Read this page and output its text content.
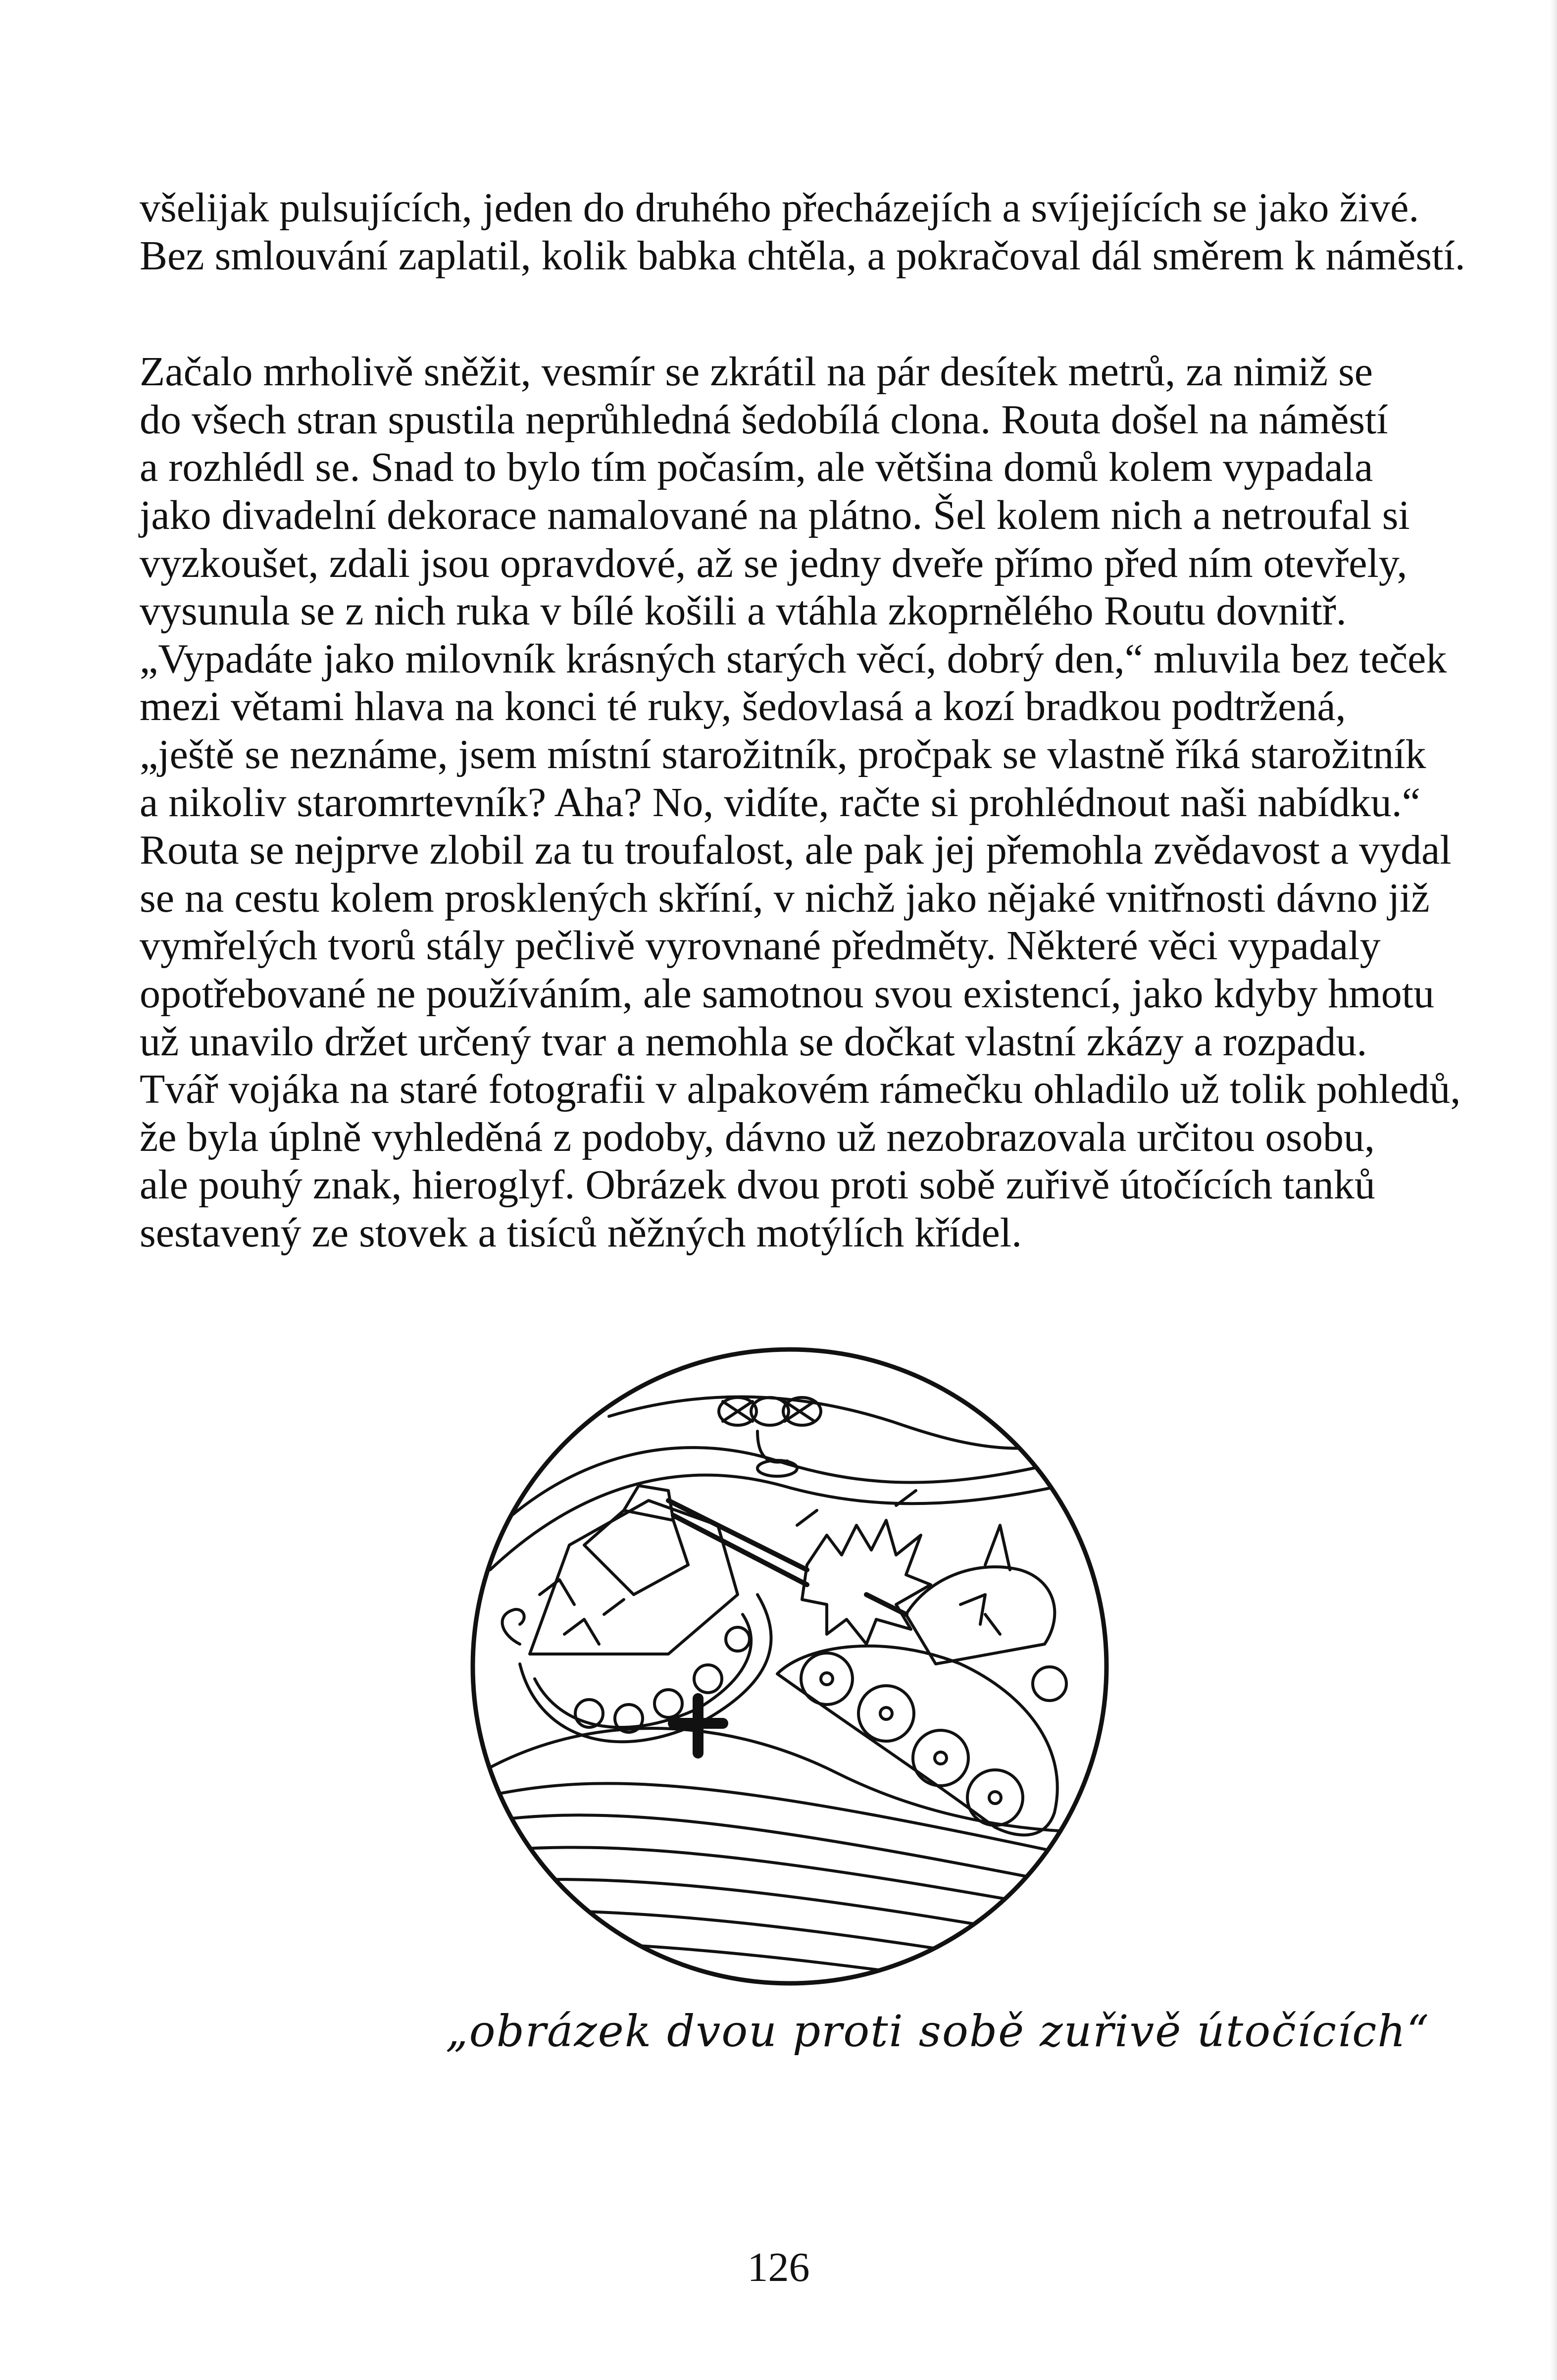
všelijak pulsujících, jeden do druhého přecházejích a svíjejících se jako živé.
Bez smlouvání zaplatil, kolik babka chtěla, a pokračoval dál směrem k náměstí.
Začalo mrholivě sněžit, vesmír se zkrátil na pár desítek metrů, za nimiž se
do všech stran spustila neprůhledná šedobílá clona. Routa došel na náměstí
a rozhlédl se. Snad to bylo tím počasím, ale většina domů kolem vypadala
jako divadelní dekorace namalované na plátno. Šel kolem nich a netroufal si
vyzkoušet, zdali jsou opravdové, až se jedny dveře přímo před ním otevřely,
vysunula se z nich ruka v bílé košili a vtáhla zkoprnělého Routu dovnitř.
„Vypadáte jako milovník krásných starých věcí, dobrý den,“ mluvila bez teček
mezi větami hlava na konci té ruky, šedovlasá a kozí bradkou podtržená,
„ještě se neznáme, jsem místní starožitník, pročpak se vlastně říká starožitník
a nikoliv staromrtevník? Aha? No, vidíte, račte si prohlédnout naši nabídku.“
Routa se nejprve zlobil za tu troufalost, ale pak jej přemohla zvědavost a vydal
se na cestu kolem prosklených skříní, v nichž jako nějaké vnitřnosti dávno již
vymřelých tvorů stály pečlivě vyrovnané předměty. Některé věci vypadaly
opotřebované ne používáním, ale samotnou svou existencí, jako kdyby hmotu
už unavilo držet určený tvar a nemohla se dočkat vlastní zkázy a rozpadu.
Tvář vojáka na staré fotografii v alpakovém rámečku ohladilo už tolik pohledů,
že byla úplně vyhleděná z podoby, dávno už nezobrazovala určitou osobu,
ale pouhý znak, hieroglyf. Obrázek dvou proti sobě zuřivě útočících tanků
sestavený ze stovek a tisíců něžných motýlích křídel.
„obrázek dvou proti sobě zuřivě útočících“
126
